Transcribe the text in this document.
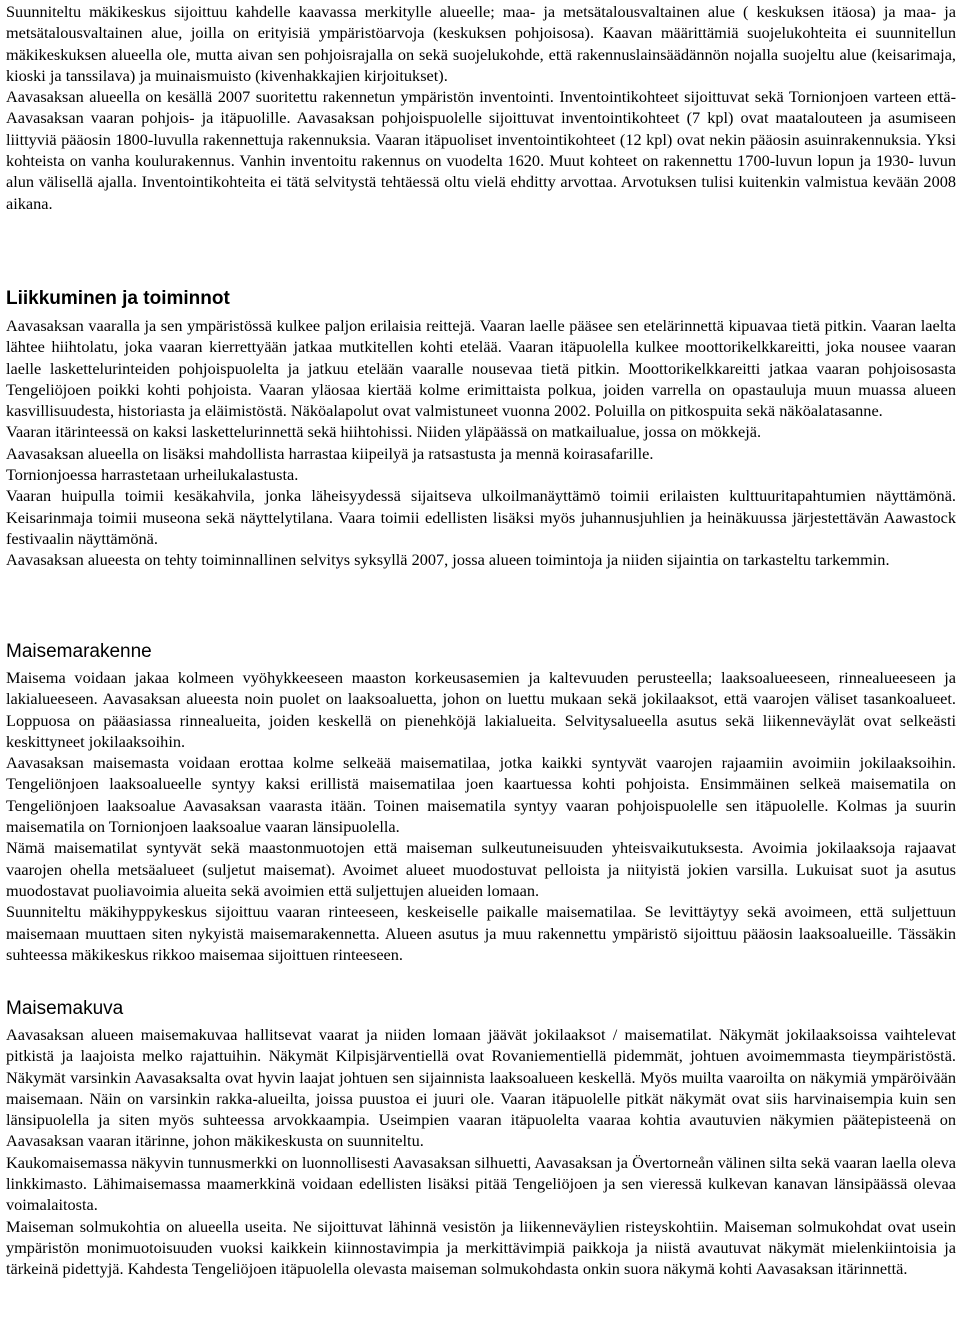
Suunniteltu mäkikeskus sijoittuu kahdelle kaavassa merkitylle alueelle; maa- ja metsätalousvaltainen alue ( keskuksen itäosa) ja maa- ja metsätalousvaltainen alue, joilla on erityisiä ympäristöarvoja (keskuksen pohjoisosa). Kaavan määrittämiä suojelukohteita ei suunnitellun mäkikeskuksen alueella ole, mutta aivan sen pohjoisrajalla on sekä suojelukohde, että rakennuslainsäädännön nojalla suojeltu alue (keisarimaja, kioski ja tanssilava) ja muinaismuisto (kivenhakkajien kirjoitukset).

Aavasaksan alueella on kesällä 2007 suoritettu rakennetun ympäristön inventointi. Inventointikohteet sijoittuvat sekä Tornionjoen varteen että- Aavasaksan vaaran pohjois- ja itäpuolille. Aavasaksan pohjoispuolelle sijoittuvat inventointikohteet (7 kpl) ovat maatalouteen ja asumiseen liittyviä pääosin 1800-luvulla rakennettuja rakennuksia. Vaaran itäpuoliset inventointikohteet (12 kpl) ovat nekin pääosin asuinrakennuksia. Yksi kohteista on vanha koulurakennus. Vanhin inventoitu rakennus on vuodelta 1620. Muut kohteet on rakennettu 1700-luvun lopun ja 1930- luvun alun välisellä ajalla. Inventointikohteita ei tätä selvitystä tehtäessä oltu vielä ehditty arvottaa. Arvotuksen tulisi kuitenkin valmistua kevään 2008 aikana.

Liikkuminen ja toiminnot

Aavasaksan vaaralla ja sen ympäristössä kulkee paljon erilaisia reittejä. Vaaran laelle pääsee sen etelärinnettä kipuavaa tietä pitkin. Vaaran laelta lähtee hiihtolatu, joka vaaran kierrettyään jatkaa mutkitellen kohti etelää. Vaaran itäpuolella kulkee moottorikelkkareitti, joka nousee vaaran laelle laskettelurinteiden pohjoispuolelta ja jatkuu etelään vaaralle nousevaa tietä pitkin. Moottorikelkkareitti jatkaa vaaran pohjoisosasta Tengeliöjoen poikki kohti pohjoista. Vaaran yläosaa kiertää kolme erimittaista polkua, joiden varrella on opastauluja muun muassa alueen kasvillisuudesta, historiasta ja eläimistöstä. Näköalapolut ovat valmistuneet vuonna 2002. Poluilla on pitkospuita sekä näköalatasanne.

Vaaran itärinteessä on kaksi laskettelurinnettä sekä hiihtohissi. Niiden yläpäässä on matkailualue, jossa on mökkejä.

Aavasaksan alueella on lisäksi mahdollista harrastaa kiipeilyä ja ratsastusta ja mennä koirasafarille.

Tornionjoessa harrastetaan urheilukalastusta.

Vaaran huipulla toimii kesäkahvila, jonka läheisyydessä sijaitseva ulkoilmanäyttämö toimii erilaisten kulttuuritapahtumien näyttämönä. Keisarinmaja toimii museona sekä näyttelytilana. Vaara toimii edellisten lisäksi myös juhannusjuhlien ja heinäkuussa järjestettävän Aawastock festivaalin näyttämönä.

Aavasaksan alueesta on tehty toiminnallinen selvitys syksyllä 2007, jossa alueen toimintoja ja niiden sijaintia on tarkasteltu tarkemmin.

Maisemarakenne

Maisema voidaan jakaa kolmeen vyöhykkeeseen maaston korkeusasemien ja kaltevuuden perusteella; laaksoalueeseen, rinnealueeseen ja lakialueeseen. Aavasaksan alueesta noin puolet on laaksoaluetta, johon on luettu mukaan sekä jokilaaksot, että vaarojen väliset tasankoalueet. Loppuosa on pääasiassa rinnealueita, joiden keskellä on pienehköjä lakialueita. Selvitysalueella asutus sekä liikenneväylät ovat selkeästi keskittyneet jokilaaksoihin.

Aavasaksan maisemasta voidaan erottaa kolme selkeää maisematilaa, jotka kaikki syntyvät vaarojen rajaamiin avoimiin jokilaaksoihin. Tengeliönjoen laaksoalueelle syntyy kaksi erillistä maisematilaa joen kaartuessa kohti pohjoista. Ensimmäinen selkeä maisematila on Tengeliönjoen laaksoalue Aavasaksan vaarasta itään. Toinen maisematila syntyy vaaran pohjoispuolelle sen itäpuolelle. Kolmas ja suurin maisematila on Tornionjoen laaksoalue vaaran länsipuolella.

Nämä maisematilat syntyvät sekä maastonmuotojen että maiseman sulkeutuneisuuden yhteisvaikutuksesta. Avoimia jokilaaksoja rajaavat vaarojen ohella metsäalueet (suljetut maisemat). Avoimet alueet muodostuvat pelloista ja niityistä jokien varsilla. Lukuisat suot ja asutus muodostavat puoliavoimia alueita sekä avoimien että suljettujen alueiden lomaan.

Suunniteltu mäkihyppykeskus sijoittuu vaaran rinteeseen, keskeiselle paikalle maisematilaa. Se levittäytyy sekä avoimeen, että suljettuun maisemaan muuttaen siten nykyistä maisemarakennetta. Alueen asutus ja muu rakennettu ympäristö sijoittuu pääosin laaksoalueille. Tässäkin suhteessa mäkikeskus rikkoo maisemaa sijoittuen rinteeseen.

Maisemakuva

Aavasaksan alueen maisemakuvaa hallitsevat vaarat ja niiden lomaan jäävät jokilaaksot / maisematilat. Näkymät jokilaaksoissa vaihtelevat pitkistä ja laajoista melko rajattuihin. Näkymät Kilpisjärventiellä ovat Rovaniementiellä pidemmät, johtuen avoimemmasta tieympäristöstä. Näkymät varsinkin Aavasaksalta ovat hyvin laajat johtuen sen sijainnista laaksoalueen keskellä. Myös muilta vaaroilta on näkymiä ympäröivään maisemaan. Näin on varsinkin rakka-alueilta, joissa puustoa ei juuri ole. Vaaran itäpuolelle pitkät näkymät ovat siis harvinaisempia kuin sen länsipuolella ja siten myös suhteessa arvokkaampia. Useimpien vaaran itäpuolelta vaaraa kohtia avautuvien näkymien päätepisteenä on Aavasaksan vaaran itärinne, johon mäkikeskusta on suunniteltu.

Kaukomaisemassa näkyvin tunnusmerkki on luonnollisesti Aavasaksan silhuetti, Aavasaksan ja Övertorneån välinen silta sekä vaaran laella oleva linkkimasto. Lähimaisemassa maamerkkinä voidaan edellisten lisäksi pitää Tengeliöjoen ja sen vieressä kulkevan kanavan länsipäässä olevaa voimalaitosta.

Maiseman solmukohtia on alueella useita. Ne sijoittuvat lähinnä vesistön ja liikenneväylien risteyskohtiin. Maiseman solmukohdat ovat usein ympäristön monimuotoisuuden vuoksi kaikkein kiinnostavimpia ja merkittävimpiä paikkoja ja niistä avautuvat näkymät mielenkiintoisia ja tärkeinä pidettyjä. Kahdesta Tengeliöjoen itäpuolella olevasta maiseman solmukohdasta onkin suora näkymä kohti Aavasaksan itärinnettä.
